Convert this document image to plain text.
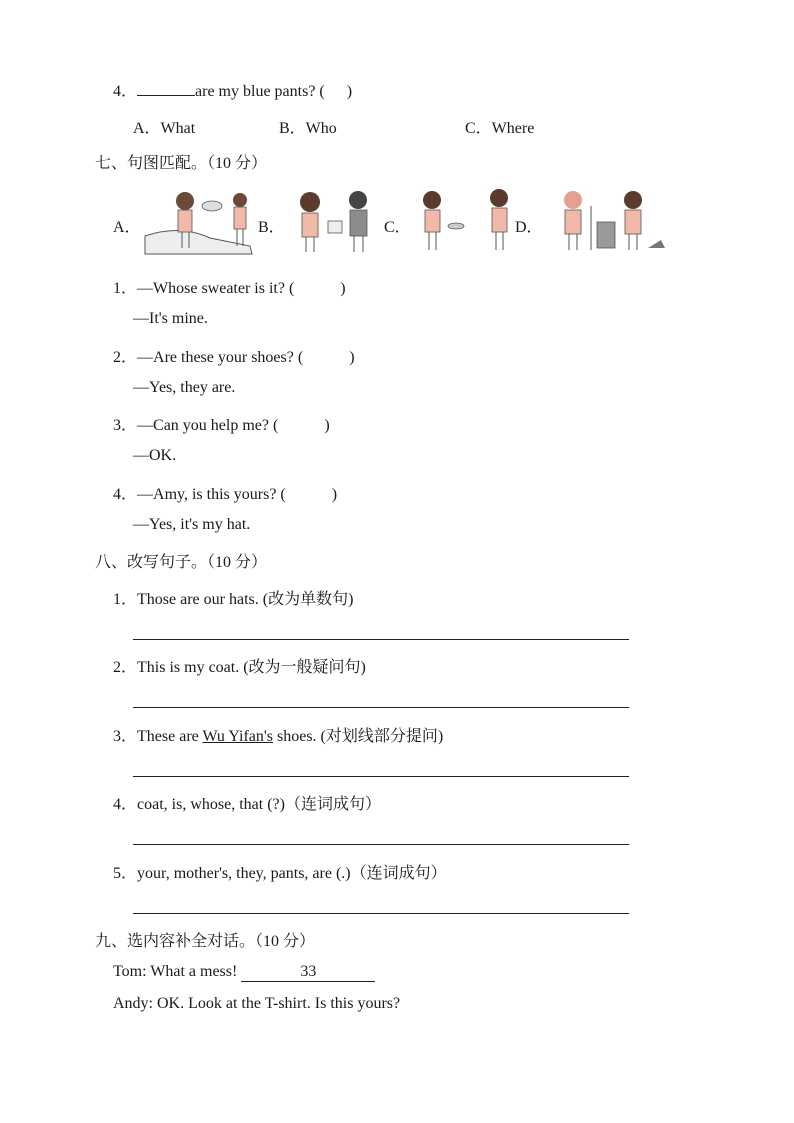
4．	are my blue pants? ( )
A．What	B．Who	C．Where
七、句图匹配。（10 分）
A．	B．	C．	D．
1．—Whose sweater is it? (	)
—It's mine.
2．—Are these your shoes? (	)
—Yes, they are.
3．—Can you help me? (	)
—OK.
4．—Amy, is this yours? (	)
—Yes, it's my hat.
八、改写句子。（10 分）
1．Those are our hats. (改为单数句)
2．This is my coat. (改为一般疑问句)
3．These are Wu Yifan's shoes. (对划线部分提问)
4．coat, is, whose, that (?)（连词成句）
5．your, mother's, they, pants, are (.)（连词成句）
九、选内容补全对话。（10 分）
Tom: What a mess!	33
Andy: OK. Look at the T-shirt. Is this yours?
